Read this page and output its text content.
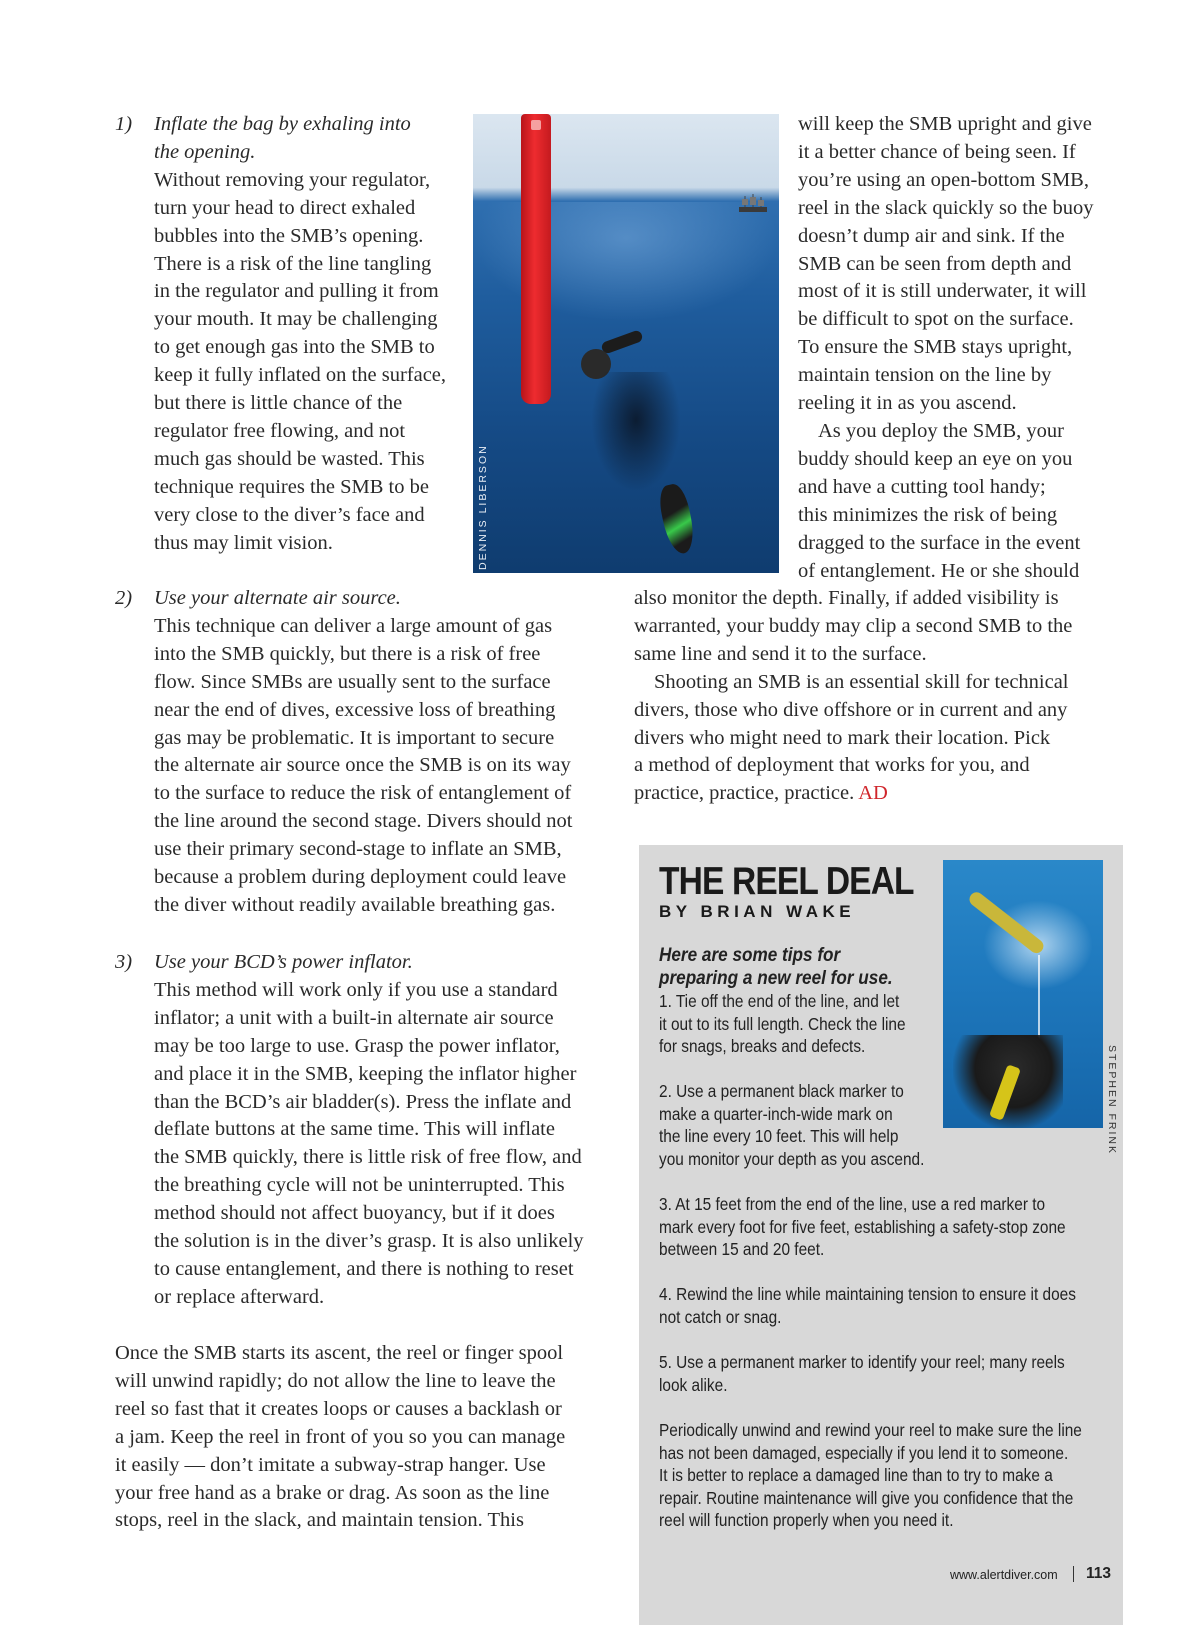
1) Inflate the bag by exhaling into
the opening.
Without removing your regulator,
turn your head to direct exhaled
bubbles into the SMB’s opening.
There is a risk of the line tangling
in the regulator and pulling it from
your mouth. It may be challenging
to get enough gas into the SMB to
keep it fully inflated on the surface,
but there is little chance of the
regulator free flowing, and not
much gas should be wasted. This
technique requires the SMB to be
very close to the diver’s face and
thus may limit vision.
2) Use your alternate air source.
This technique can deliver a large amount of gas
into the SMB quickly, but there is a risk of free
flow. Since SMBs are usually sent to the surface
near the end of dives, excessive loss of breathing
gas may be problematic. It is important to secure
the alternate air source once the SMB is on its way
to the surface to reduce the risk of entanglement of
the line around the second stage. Divers should not
use their primary second-stage to inflate an SMB,
because a problem during deployment could leave
the diver without readily available breathing gas.
3) Use your BCD’s power inflator.
This method will work only if you use a standard
inflator; a unit with a built-in alternate air source
may be too large to use. Grasp the power inflator,
and place it in the SMB, keeping the inflator higher
than the BCD’s air bladder(s). Press the inflate and
deflate buttons at the same time. This will inflate
the SMB quickly, there is little risk of free flow, and
the breathing cycle will not be uninterrupted. This
method should not affect buoyancy, but if it does
the solution is in the diver’s grasp. It is also unlikely
to cause entanglement, and there is nothing to reset
or replace afterward.
Once the SMB starts its ascent, the reel or finger spool
will unwind rapidly; do not allow the line to leave the
reel so fast that it creates loops or causes a backlash or
a jam. Keep the reel in front of you so you can manage
it easily — don’t imitate a subway-strap hanger. Use
your free hand as a brake or drag. As soon as the line
stops, reel in the slack, and maintain tension. This
DENNIS LIBERSON
will keep the SMB upright and give
it a better chance of being seen. If
you’re using an open-bottom SMB,
reel in the slack quickly so the buoy
doesn’t dump air and sink. If the
SMB can be seen from depth and
most of it is still underwater, it will
be difficult to spot on the surface.
To ensure the SMB stays upright,
maintain tension on the line by
reeling it in as you ascend.
As you deploy the SMB, your
buddy should keep an eye on you
and have a cutting tool handy;
this minimizes the risk of being
dragged to the surface in the event
of entanglement. He or she should
also monitor the depth. Finally, if added visibility is
warranted, your buddy may clip a second SMB to the
same line and send it to the surface.
Shooting an SMB is an essential skill for technical
divers, those who dive offshore or in current and any
divers who might need to mark their location. Pick
a method of deployment that works for you, and
practice, practice, practice. AD
THE REEL DEAL
BY BRIAN WAKE
Here are some tips for
preparing a new reel for use.
1. Tie off the end of the line, and let
it out to its full length. Check the line
for snags, breaks and defects.
2. Use a permanent black marker to
make a quarter-inch-wide mark on
the line every 10 feet. This will help
you monitor your depth as you ascend.
3. At 15 feet from the end of the line, use a red marker to
mark every foot for five feet, establishing a safety-stop zone
between 15 and 20 feet.
4. Rewind the line while maintaining tension to ensure it does
not catch or snag.
5. Use a permanent marker to identify your reel; many reels
look alike.
Periodically unwind and rewind your reel to make sure the line
has not been damaged, especially if you lend it to someone.
It is better to replace a damaged line than to try to make a
repair. Routine maintenance will give you confidence that the
reel will function properly when you need it.
STEPHEN FRINK
www.alertdiver.com 113
